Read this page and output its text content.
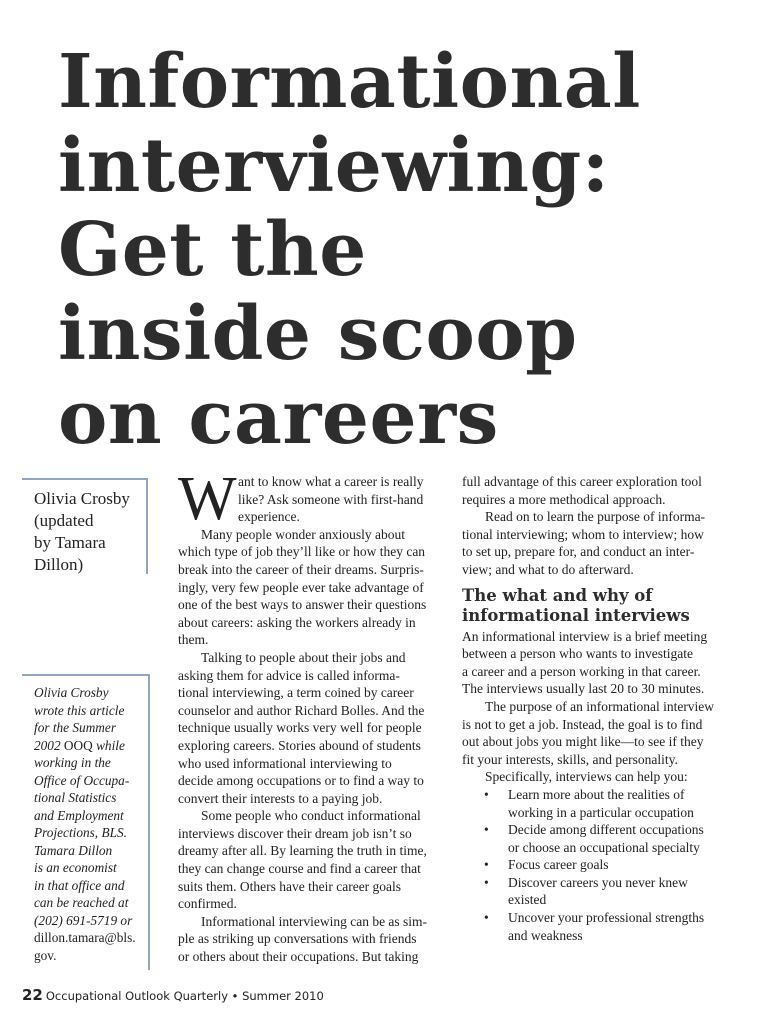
Informational
interviewing:
Get the
inside scoop
on careers
Olivia Crosby
(updated
by Tamara
Dillon)
Olivia Crosby
wrote this article
for the Summer
2002 OOQ while
working in the
Office of Occupa-
tional Statistics
and Employment
Projections, BLS.
Tamara Dillon
is an economist
in that office and
can be reached at
(202) 691-5719 or
dillon.tamara@bls.
gov.
W ant to know what a career is really
like? Ask someone with first-hand
experience.
Many people wonder anxiously about
which type of job they’ll like or how they can
break into the career of their dreams. Surpris-
ingly, very few people ever take advantage of
one of the best ways to answer their questions
about careers: asking the workers already in
them.
Talking to people about their jobs and
asking them for advice is called informa-
tional interviewing, a term coined by career
counselor and author Richard Bolles. And the
technique usually works very well for people
exploring careers. Stories abound of students
who used informational interviewing to
decide among occupations or to find a way to
convert their interests to a paying job.
Some people who conduct informational
interviews discover their dream job isn’t so
dreamy after all. By learning the truth in time,
they can change course and find a career that
suits them. Others have their career goals
confirmed.
Informational interviewing can be as sim-
ple as striking up conversations with friends
or others about their occupations. But taking
full advantage of this career exploration tool
requires a more methodical approach.
Read on to learn the purpose of informa-
tional interviewing; whom to interview; how
to set up, prepare for, and conduct an inter-
view; and what to do afterward.
The what and why of
informational interviews
An informational interview is a brief meeting
between a person who wants to investigate
a career and a person working in that career.
The interviews usually last 20 to 30 minutes.
The purpose of an informational interview
is not to get a job. Instead, the goal is to find
out about jobs you might like—to see if they
fit your interests, skills, and personality.
Specifically, interviews can help you:
• Learn more about the realities of
working in a particular occupation
• Decide among different occupations
or choose an occupational specialty
• Focus career goals
• Discover careers you never knew
existed
• Uncover your professional strengths
and weakness
22 Occupational Outlook Quarterly • Summer 2010
